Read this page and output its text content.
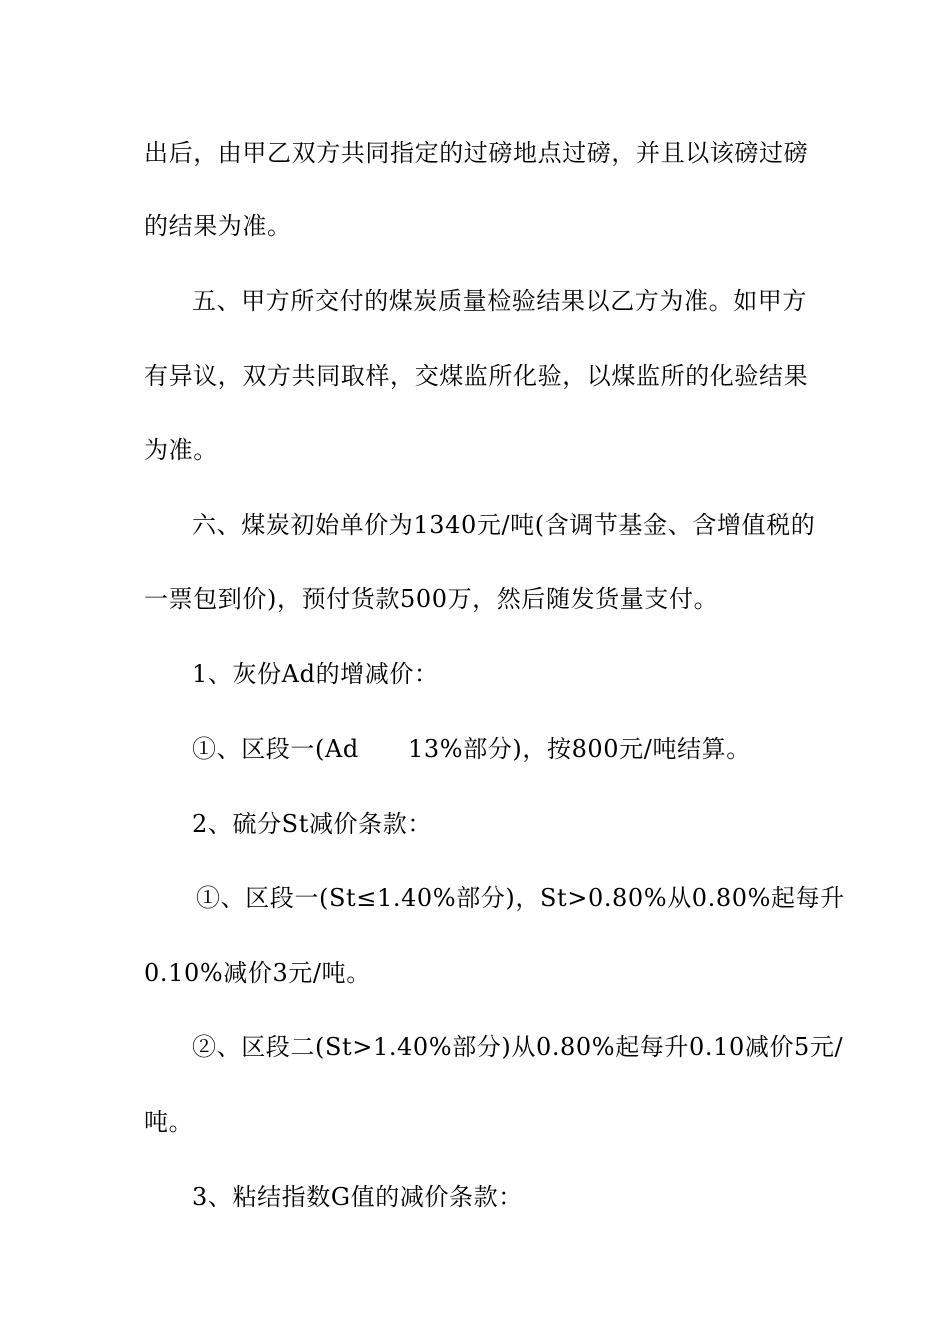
出后，由甲乙双方共同指定的过磅地点过磅，并且以该磅过磅
的结果为准。
五、甲方所交付的煤炭质量检验结果以乙方为准。如甲方
有异议，双方共同取样，交煤监所化验，以煤监所的化验结果
为准。
六、煤炭初始单价为1340元/吨(含调节基金、含增值税的
一票包到价)，预付货款500万，然后随发货量支付。
1、灰份Ad的增减价：
①、区段一(Ad　　13%部分)，按800元/吨结算。
2、硫分St减价条款：
①、区段一(St≤1.40%部分)，St>0.80%从0.80%起每升
0.10%减价3元/吨。
②、区段二(St>1.40%部分)从0.80%起每升0.10减价5元/
吨。
3、粘结指数G值的减价条款：
